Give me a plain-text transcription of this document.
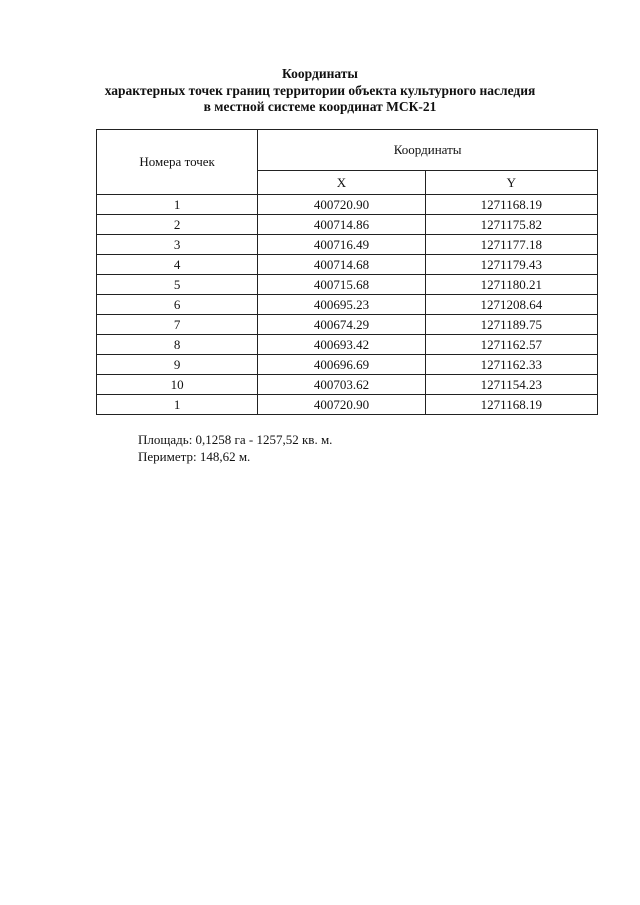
Координаты
характерных точек границ территории объекта культурного наследия
в местной системе координат МСК-21
Номера точек	Координаты	
	X	Y
1	400720.90	1271168.19
2	400714.86	1271175.82
3	400716.49	1271177.18
4	400714.68	1271179.43
5	400715.68	1271180.21
6	400695.23	1271208.64
7	400674.29	1271189.75
8	400693.42	1271162.57
9	400696.69	1271162.33
10	400703.62	1271154.23
1	400720.90	1271168.19
Площадь: 0,1258 га - 1257,52 кв. м.
Периметр: 148,62 м.
